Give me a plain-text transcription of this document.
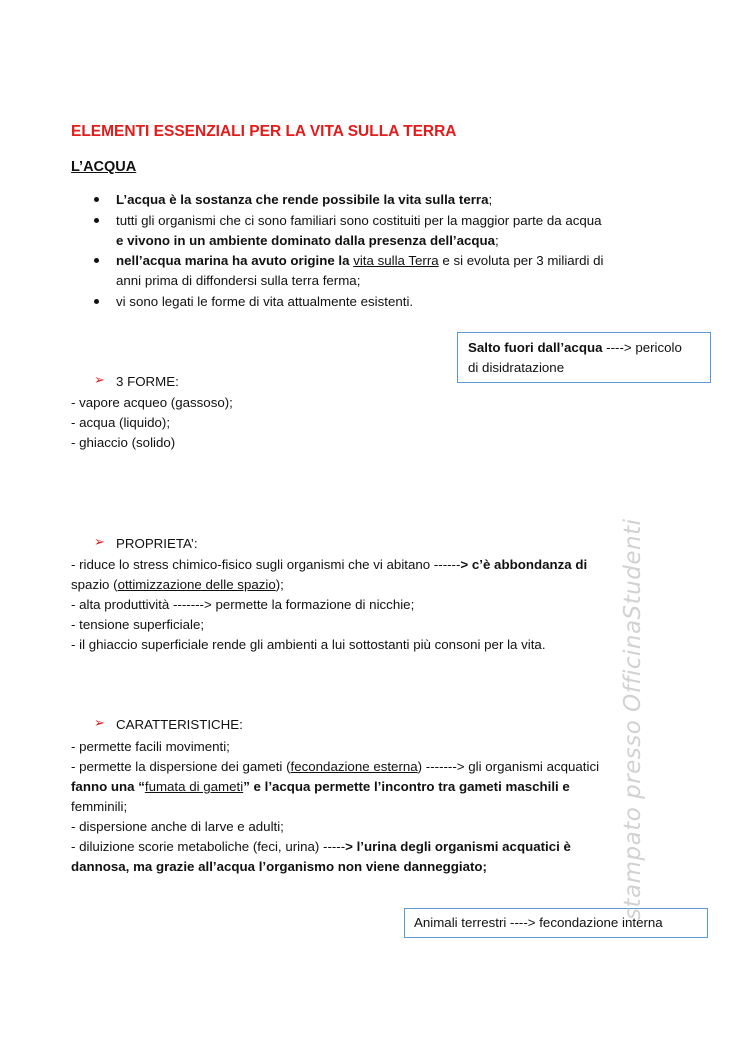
ELEMENTI ESSENZIALI PER LA VITA SULLA TERRA
L’ACQUA
L’acqua è la sostanza che rende possibile la vita sulla terra;
tutti gli organismi che ci sono familiari sono costituiti per la maggior parte da acqua
e vivono in un ambiente dominato dalla presenza dell’acqua;
nell’acqua marina ha avuto origine la vita sulla Terra e si evoluta per 3 miliardi di
anni prima di diffondersi sulla terra ferma;
vi sono legati le forme di vita attualmente esistenti.
Salto fuori dall’acqua ----> pericolo
di disidratazione
➢ 3 FORME:
- vapore acqueo (gassoso);
- acqua (liquido);
- ghiaccio (solido)
➢ PROPRIETA’:
- riduce lo stress chimico-fisico sugli organismi che vi abitano ------> c’è abbondanza di
spazio (ottimizzazione delle spazio);
- alta produttività -------> permette la formazione di nicchie;
- tensione superficiale;
- il ghiaccio superficiale rende gli ambienti a lui sottostanti più consoni per la vita.
➢ CARATTERISTICHE:
- permette facili movimenti;
- permette la dispersione dei gameti (fecondazione esterna) -------> gli organismi acquatici
fanno una “fumata di gameti” e l’acqua permette l’incontro tra gameti maschili e
femminili;
- dispersione anche di larve e adulti;
- diluizione scorie metaboliche (feci, urina) -----> l’urina degli organismi acquatici è
dannosa, ma grazie all’acqua l’organismo non viene danneggiato;
Animali terrestri ----> fecondazione interna
stampato presso OfficinaStudenti
